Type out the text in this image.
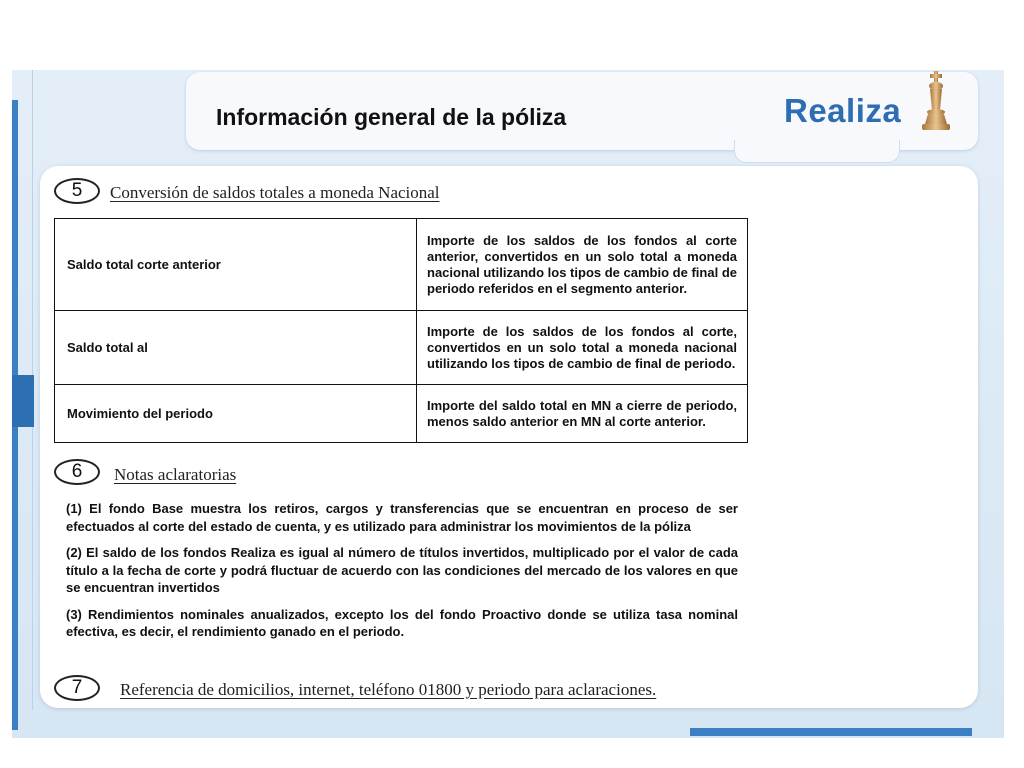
Información general de la póliza	Realiza
5	Conversión de saldos totales a moneda Nacional
Saldo total corte anterior	Importe de los saldos de los fondos al corte anterior, convertidos en un solo total a moneda nacional utilizando los tipos de cambio de final de periodo referidos en el segmento anterior.
Saldo total al	Importe de los saldos de los fondos al corte, convertidos en un solo total a moneda nacional utilizando los tipos de cambio de final de periodo.
Movimiento del periodo	Importe del saldo total en MN a cierre de periodo, menos saldo anterior en MN al corte anterior.
6	Notas aclaratorias

(1) El fondo Base muestra los retiros, cargos y transferencias que se encuentran en proceso de ser efectuados al corte del estado de cuenta, y es utilizado para administrar los movimientos de la póliza

(2) El saldo de los fondos Realiza es igual al número de títulos invertidos, multiplicado por el valor de cada título a la fecha de corte y podrá fluctuar de acuerdo con las condiciones del mercado de los valores en que se encuentran invertidos

(3) Rendimientos nominales anualizados, excepto los del fondo Proactivo donde se utiliza tasa nominal efectiva, es decir, el rendimiento ganado en el periodo.

7	Referencia de domicilios, internet, teléfono 01800 y periodo para aclaraciones.
